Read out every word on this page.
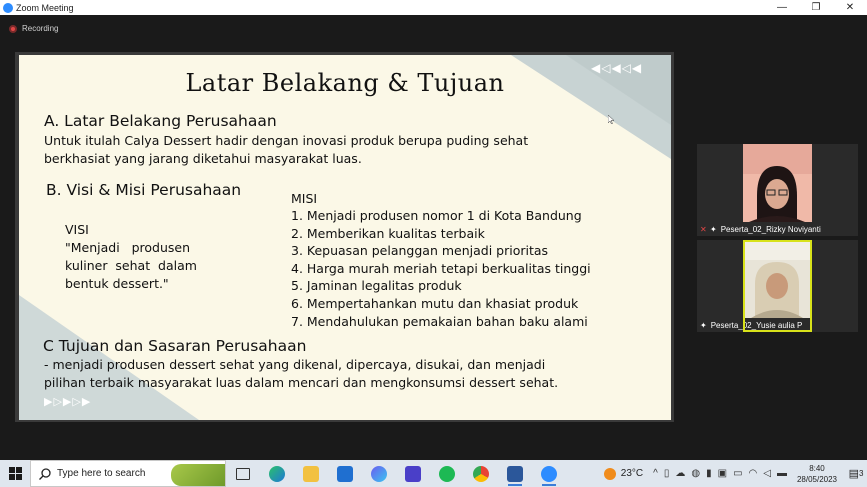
Zoom Meeting	—	❐	✕
Recording
◀◁◀◁◀
Latar Belakang & Tujuan
A. Latar Belakang Perusahaan
Untuk itulah Calya Dessert hadir dengan inovasi produk berupa puding sehat
berkhasiat yang jarang diketahui masyarakat luas.
B. Visi & Misi Perusahaan
VISI
"Menjadi   produsen
kuliner  sehat  dalam
bentuk dessert."
MISI
1. Menjadi produsen nomor 1 di Kota Bandung
2. Memberikan kualitas terbaik
3. Kepuasan pelanggan menjadi prioritas
4. Harga murah meriah tetapi berkualitas tinggi
5. Jaminan legalitas produk
6. Mempertahankan mutu dan khasiat produk
7. Mendahulukan pemakaian bahan baku alami
C Tujuan dan Sasaran Perusahaan
- menjadi produsen dessert sehat yang dikenal, dipercaya, disukai, dan menjadi
pilihan terbaik masyarakat luas dalam mencari dan mengkonsumsi dessert sehat.
▶▷▶▷▶
✕ ✦ Peserta_02_Rizky Noviyanti
✦ Peserta_02_Yusie aulia P
Type here to search	23°C ^ ▯ ☁ ◍ ▮ ▣ ▭ ◠ ◁ ▬	8:40
28/05/2023 ▤ 3
